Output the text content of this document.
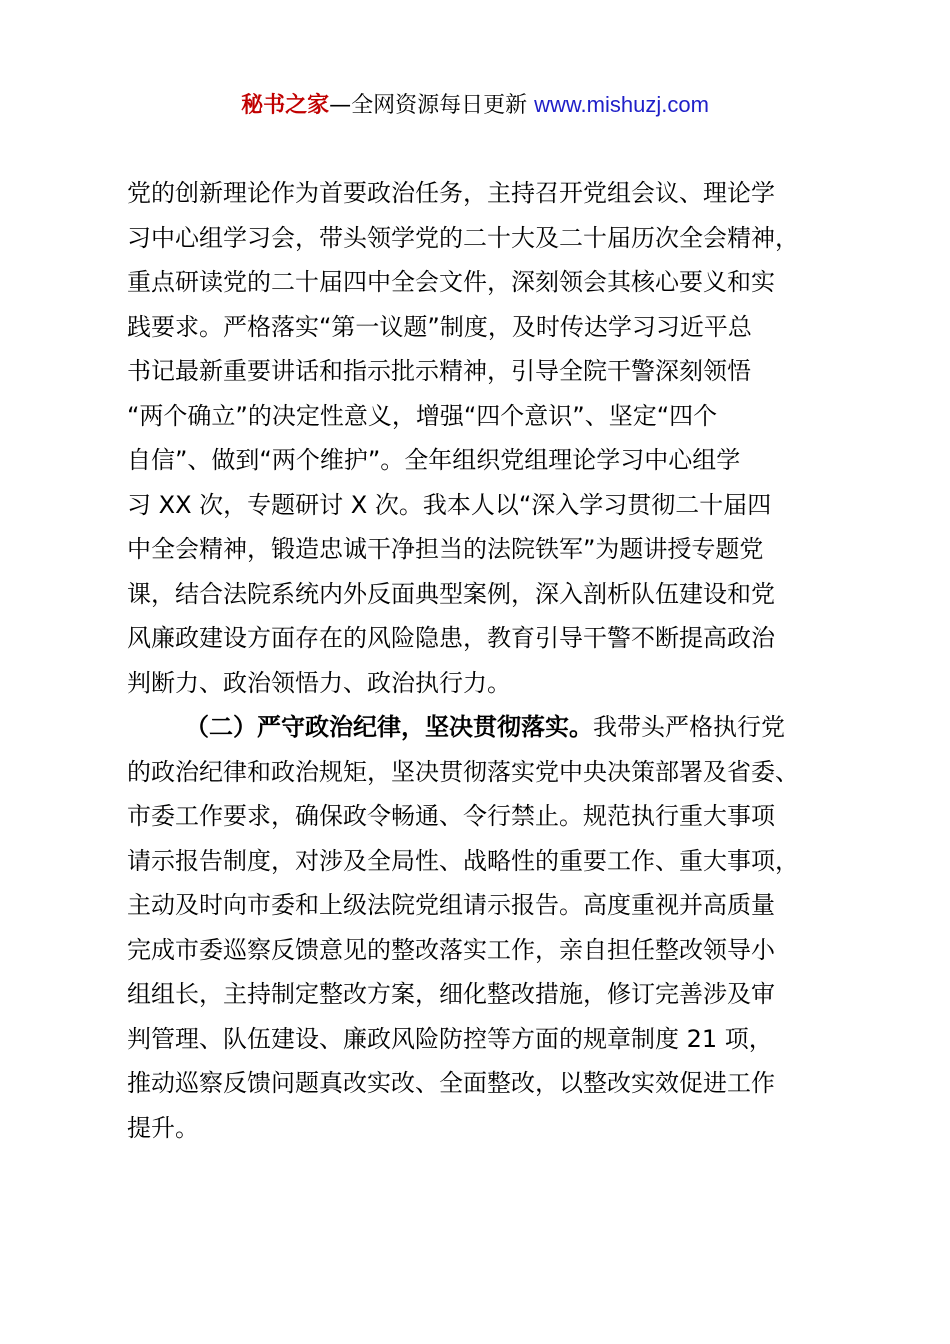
秘书之家—全网资源每日更新 www.mishuzj.com
党的创新理论作为首要政治任务，主持召开党组会议、理论学
习中心组学习会，带头领学党的二十大及二十届历次全会精神，
重点研读党的二十届四中全会文件，深刻领会其核心要义和实
践要求。严格落实“第一议题”制度，及时传达学习习近平总
书记最新重要讲话和指示批示精神，引导全院干警深刻领悟
“两个确立”的决定性意义，增强“四个意识”、坚定“四个
自信”、做到“两个维护”。全年组织党组理论学习中心组学
习 XX 次，专题研讨 X 次。我本人以“深入学习贯彻二十届四
中全会精神，锻造忠诚干净担当的法院铁军”为题讲授专题党
课，结合法院系统内外反面典型案例，深入剖析队伍建设和党
风廉政建设方面存在的风险隐患，教育引导干警不断提高政治
判断力、政治领悟力、政治执行力。
（二）严守政治纪律，坚决贯彻落实。我带头严格执行党
的政治纪律和政治规矩，坚决贯彻落实党中央决策部署及省委、
市委工作要求，确保政令畅通、令行禁止。规范执行重大事项
请示报告制度，对涉及全局性、战略性的重要工作、重大事项，
主动及时向市委和上级法院党组请示报告。高度重视并高质量
完成市委巡察反馈意见的整改落实工作，亲自担任整改领导小
组组长，主持制定整改方案，细化整改措施，修订完善涉及审
判管理、队伍建设、廉政风险防控等方面的规章制度 21 项，
推动巡察反馈问题真改实改、全面整改，以整改实效促进工作
提升。
